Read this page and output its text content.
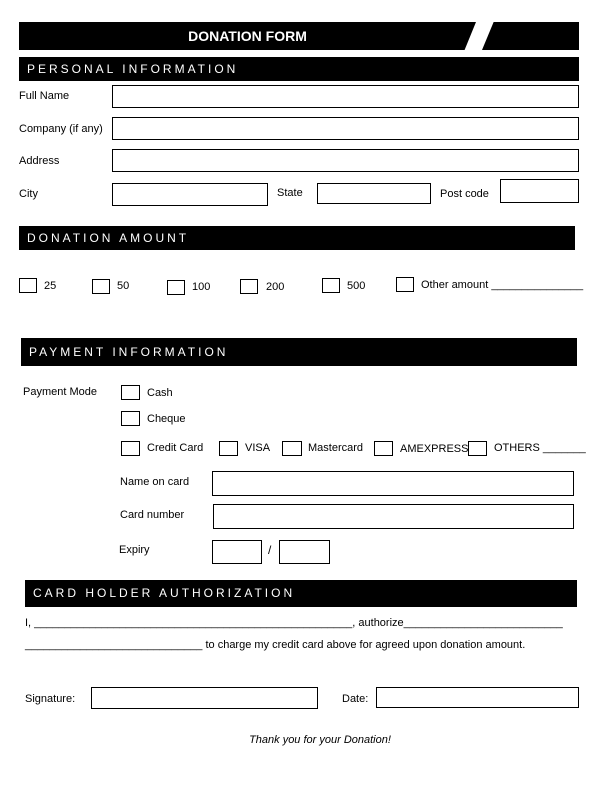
DONATION FORM
PERSONAL INFORMATION
Full Name
Company (if any)
Address
City	State	Post code
DONATION AMOUNT
25	50	100	200	500	Other amount _______________
PAYMENT INFORMATION
Payment Mode	Cash
Cheque
Credit Card	VISA	Mastercard	AMEXPRESS OTHERS _______
Name on card
Card number
Expiry	/
CARD HOLDER AUTHORIZATION
I, ____________________________________________________, authorize__________________________
_____________________________ to charge my credit card above for agreed upon donation amount.
Signature:	Date:
Thank you for your Donation!
